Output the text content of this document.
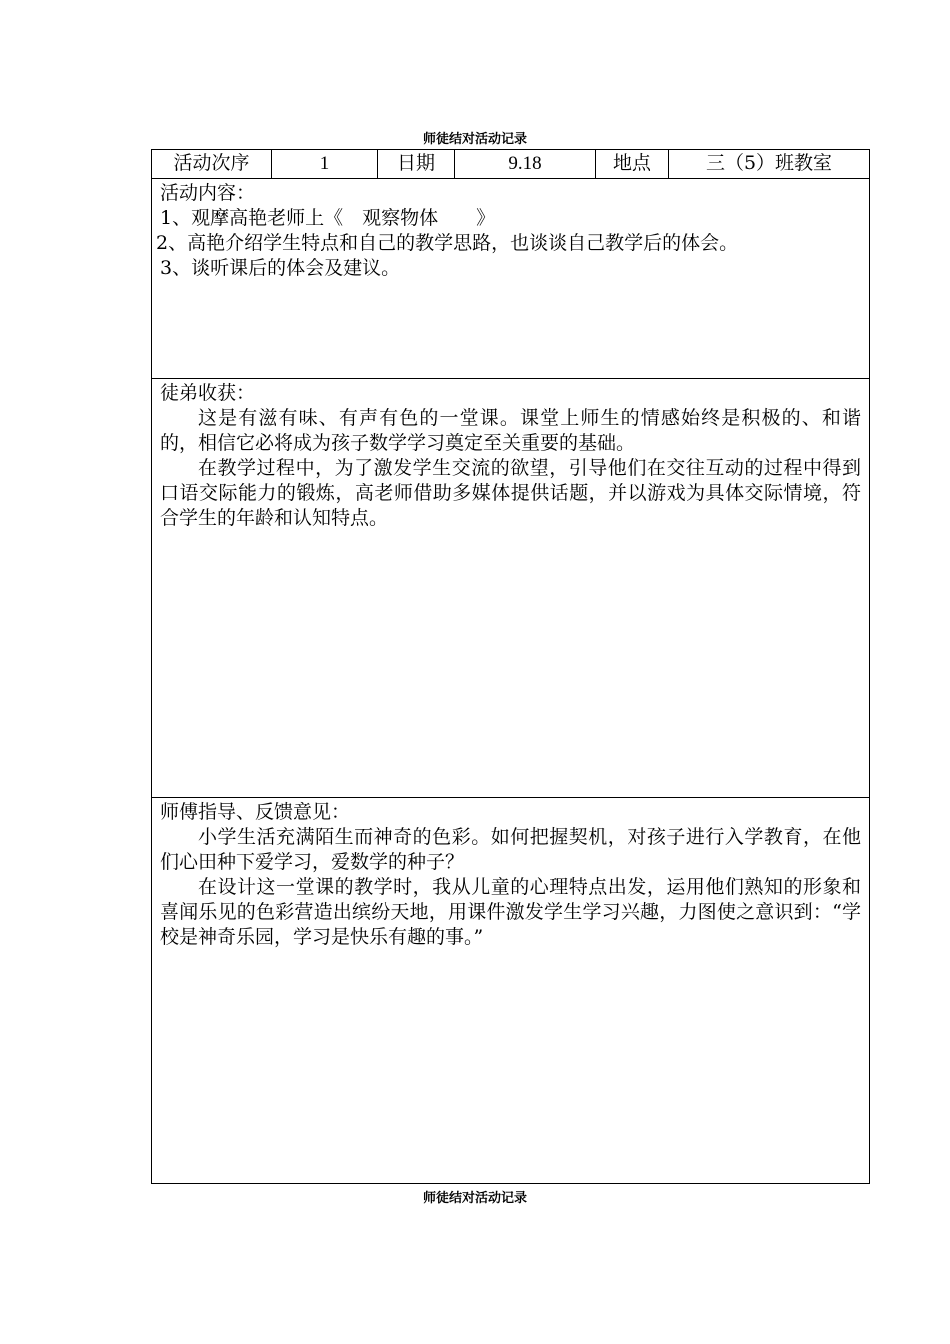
师徒结对活动记录
活动次序	1	日期	9.18	地点	三（5）班教室

活动内容：

1、观摩高艳老师上《　观察物体　　》

2、高艳介绍学生特点和自己的教学思路，也谈谈自己教学后的体会。

3、谈听课后的体会及建议。

徒弟收获：

这是有滋有味、有声有色的一堂课。课堂上师生的情感始终是积极的、和谐的，相信它必将成为孩子数学学习奠定至关重要的基础。

在教学过程中，为了激发学生交流的欲望，引导他们在交往互动的过程中得到口语交际能力的锻炼，高老师借助多媒体提供话题，并以游戏为具体交际情境，符合学生的年龄和认知特点。

师傅指导、反馈意见：

小学生活充满陌生而神奇的色彩。如何把握契机，对孩子进行入学教育，在他们心田种下爱学习，爱数学的种子？

在设计这一堂课的教学时，我从儿童的心理特点出发，运用他们熟知的形象和喜闻乐见的色彩营造出缤纷天地，用课件激发学生学习兴趣，力图使之意识到：“学校是神奇乐园，学习是快乐有趣的事。”

师徒结对活动记录
